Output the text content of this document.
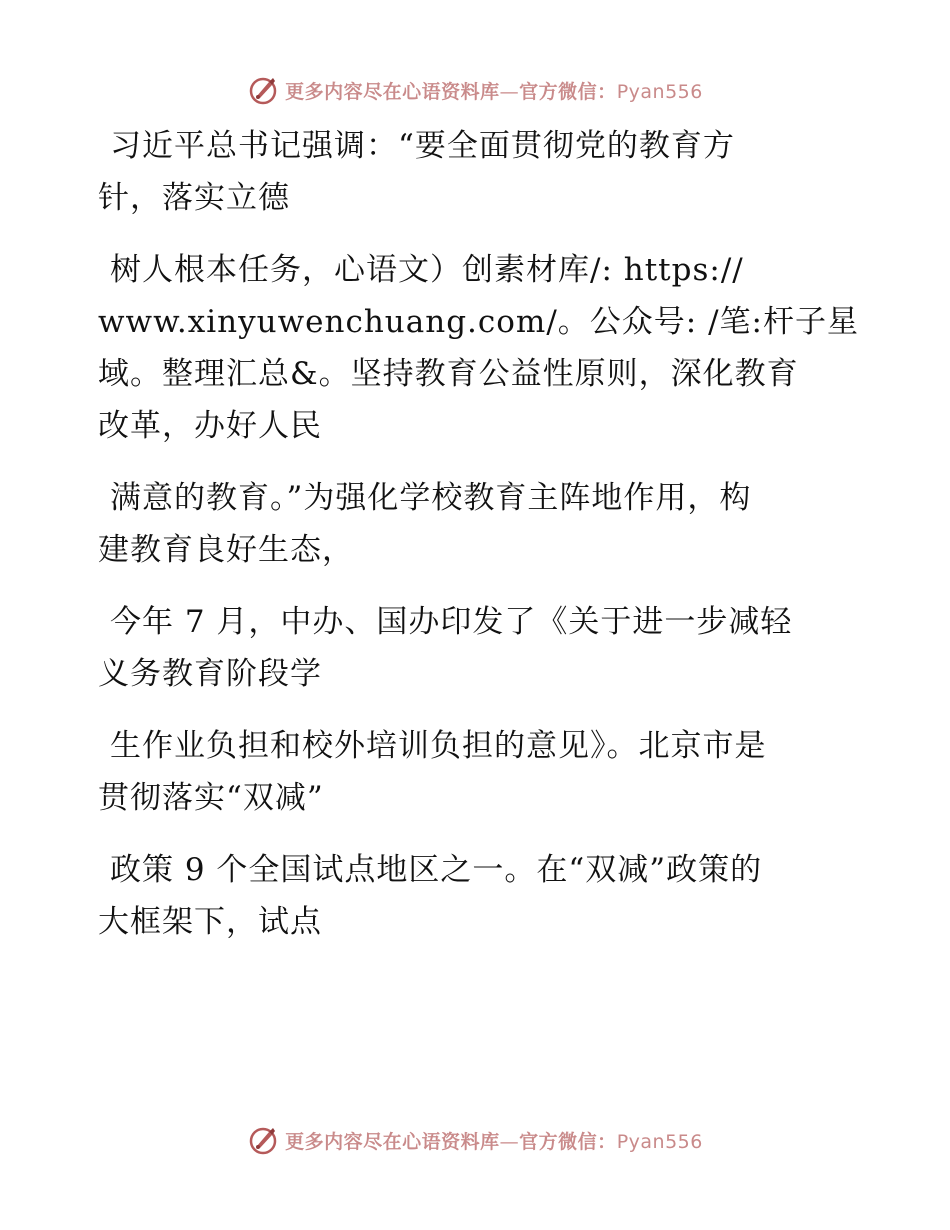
更多内容尽在心语资料库—官方微信：Pyan556
习近平总书记强调：“要全面贯彻党的教育方
针，落实立德
树人根本任务，心语文）创素材库/: https://
www.xinyuwenchuang.com/。公众号: /笔:杆子星
域。整理汇总&。坚持教育公益性原则，深化教育
改革，办好人民
满意的教育。”为强化学校教育主阵地作用，构
建教育良好生态，
今年 7 月，中办、国办印发了《关于进一步减轻
义务教育阶段学
生作业负担和校外培训负担的意见》。北京市是
贯彻落实“双减”
政策 9 个全国试点地区之一。在“双减”政策的
大框架下，试点
更多内容尽在心语资料库—官方微信：Pyan556
